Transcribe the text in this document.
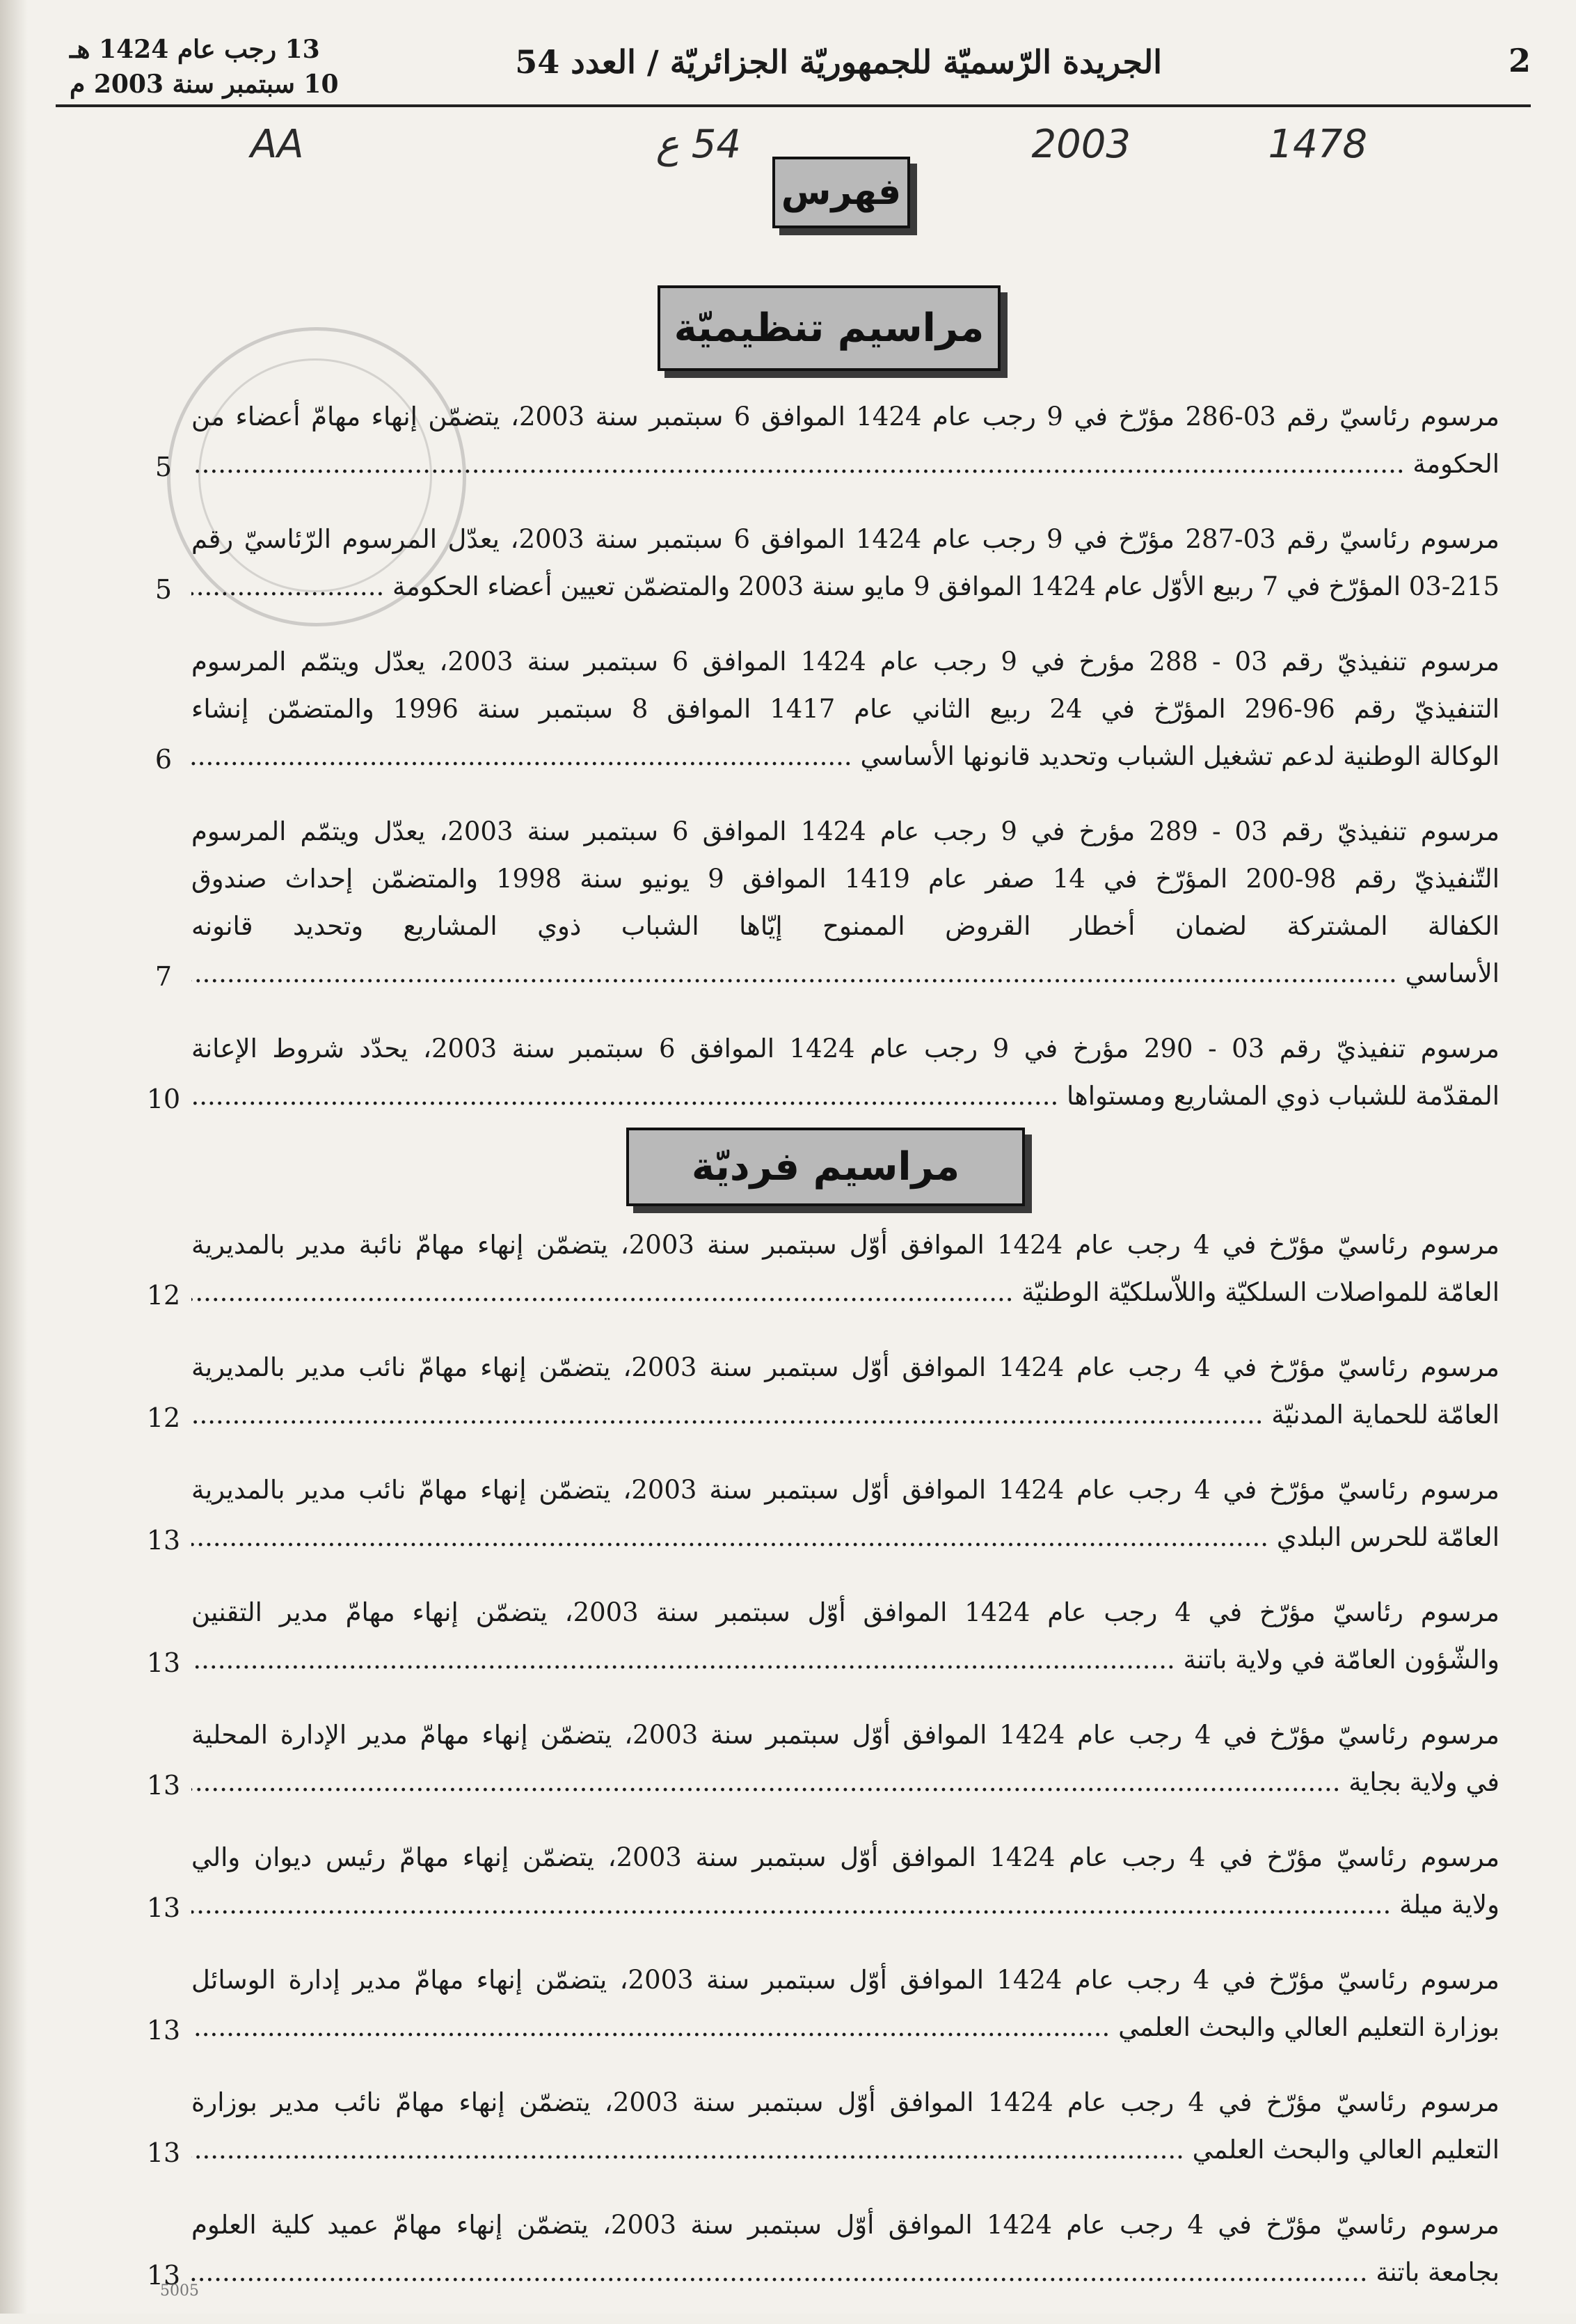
2
الجريدة الرّسميّة للجمهوريّة الجزائريّة / العدد 54
13 رجب عام 1424 هـ
10 سبتمبر سنة 2003 م
1478
2003
54 ع
AA
فهرس
مراسيم تنظيميّة
مرسوم رئاسيّ رقم 03-286 مؤرّخ في 9 رجب عام 1424 الموافق 6 سبتمبر سنة 2003، يتضمّن إنهاء مهامّ أعضاء من
الحكومة .....
5
مرسوم رئاسيّ رقم 03-287 مؤرّخ في 9 رجب عام 1424 الموافق 6 سبتمبر سنة 2003، يعدّل المرسوم الرّئاسيّ رقم
03-215 المؤرّخ في 7 ربيع الأوّل عام 1424 الموافق 9 مايو سنة 2003 والمتضمّن تعيين أعضاء الحكومة .....
5
مرسوم تنفيذيّ رقم 03 - 288 مؤرخ في 9 رجب عام 1424 الموافق 6 سبتمبر سنة 2003، يعدّل ويتمّم المرسوم
التنفيذيّ رقم 96-296 المؤرّخ في 24 ربيع الثاني عام 1417 الموافق 8 سبتمبر سنة 1996 والمتضمّن إنشاء
الوكالة الوطنية لدعم تشغيل الشباب وتحديد قانونها الأساسي .....
6
مرسوم تنفيذيّ رقم 03 - 289 مؤرخ في 9 رجب عام 1424 الموافق 6 سبتمبر سنة 2003، يعدّل ويتمّم المرسوم
التّنفيذيّ رقم 98-200 المؤرّخ في 14 صفر عام 1419 الموافق 9 يونيو سنة 1998 والمتضمّن إحداث صندوق
الكفالة المشتركة لضمان أخطار القروض الممنوح إيّاها الشباب ذوي المشاريع وتحديد قانونه
الأساسي .....
7
مرسوم تنفيذيّ رقم 03 - 290 مؤرخ في 9 رجب عام 1424 الموافق 6 سبتمبر سنة 2003، يحدّد شروط الإعانة
المقدّمة للشباب ذوي المشاريع ومستواها .....
10
مراسيم فرديّة
مرسوم رئاسيّ مؤرّخ في 4 رجب عام 1424 الموافق أوّل سبتمبر سنة 2003، يتضمّن إنهاء مهامّ نائبة مدير بالمديرية
العامّة للمواصلات السلكيّة واللاّسلكيّة الوطنيّة .....
12
مرسوم رئاسيّ مؤرّخ في 4 رجب عام 1424 الموافق أوّل سبتمبر سنة 2003، يتضمّن إنهاء مهامّ نائب مدير بالمديرية
العامّة للحماية المدنيّة .....
12
مرسوم رئاسيّ مؤرّخ في 4 رجب عام 1424 الموافق أوّل سبتمبر سنة 2003، يتضمّن إنهاء مهامّ نائب مدير بالمديرية
العامّة للحرس البلدي .....
13
مرسوم رئاسيّ مؤرّخ في 4 رجب عام 1424 الموافق أوّل سبتمبر سنة 2003، يتضمّن إنهاء مهامّ مدير التقنين
والشّؤون العامّة في ولاية باتنة .....
13
مرسوم رئاسيّ مؤرّخ في 4 رجب عام 1424 الموافق أوّل سبتمبر سنة 2003، يتضمّن إنهاء مهامّ مدير الإدارة المحلية
في ولاية بجاية .....
13
مرسوم رئاسيّ مؤرّخ في 4 رجب عام 1424 الموافق أوّل سبتمبر سنة 2003، يتضمّن إنهاء مهامّ رئيس ديوان والي
ولاية ميلة .....
13
مرسوم رئاسيّ مؤرّخ في 4 رجب عام 1424 الموافق أوّل سبتمبر سنة 2003، يتضمّن إنهاء مهامّ مدير إدارة الوسائل
بوزارة التعليم العالي والبحث العلمي .....
13
مرسوم رئاسيّ مؤرّخ في 4 رجب عام 1424 الموافق أوّل سبتمبر سنة 2003، يتضمّن إنهاء مهامّ نائب مدير بوزارة
التعليم العالي والبحث العلمي .....
13
مرسوم رئاسيّ مؤرّخ في 4 رجب عام 1424 الموافق أوّل سبتمبر سنة 2003، يتضمّن إنهاء مهامّ عميد كلية العلوم
بجامعة باتنة .....
13
5005
